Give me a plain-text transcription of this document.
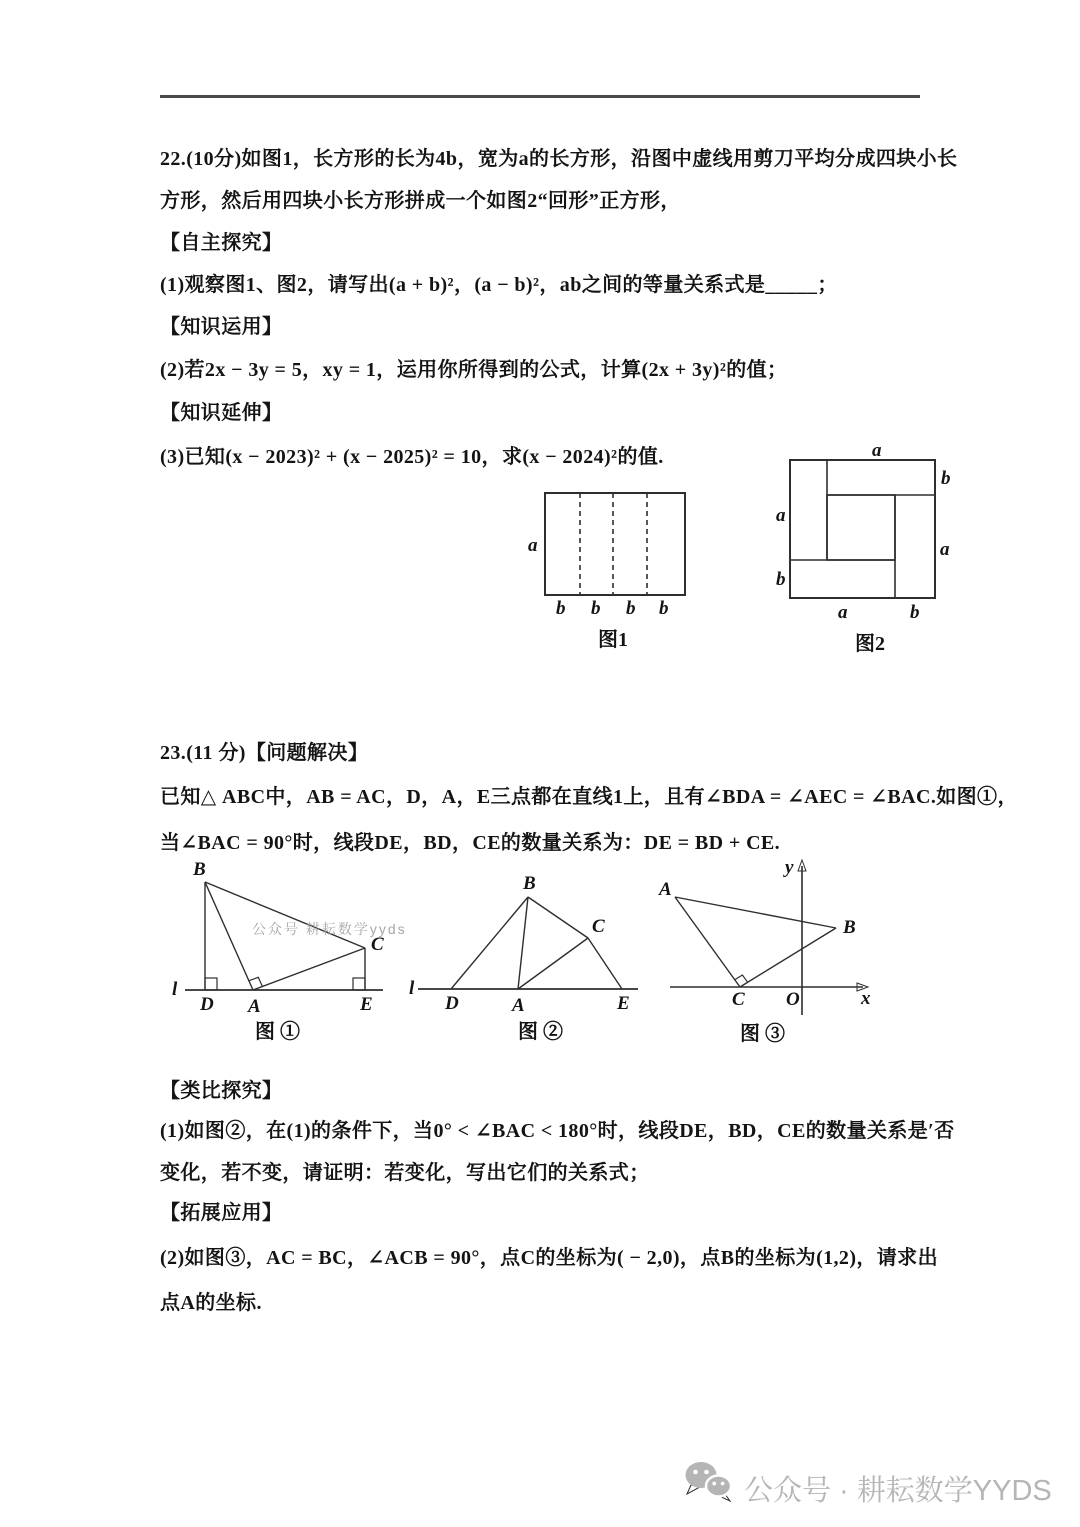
22.(10分)如图1，长方形的长为4b，宽为a的长方形，沿图中虚线用剪刀平均分成四块小长
方形，然后用四块小长方形拼成一个如图2“回形”正方形，
【自主探究】
(1)观察图1、图2，请写出(a + b)²，(a − b)²，ab之间的等量关系式是_____；
【知识运用】
(2)若2x − 3y = 5，xy = 1，运用你所得到的公式，计算(2x + 3y)²的值；
【知识延伸】
(3)已知(x − 2023)² + (x − 2025)² = 10，求(x − 2024)²的值.
a
b b b b
图1
a
b
a
a
b
a	b
图2
23.(11 分)【问题解决】
已知△ ABC中，AB = AC，D，A，E三点都在直线1上，且有∠BDA = ∠AEC = ∠BAC.如图①，
当∠BAC = 90°时，线段DE，BD，CE的数量关系为：DE = BD + CE.
B
l
D A	E
C
公众号 耕耘数学yyds
图 ①
l
D	A	E
B
C
图 ②
y
x
O
A
B
C
图 ③
【类比探究】
(1)如图②，在(1)的条件下，当0° < ∠BAC < 180°时，线段DE，BD，CE的数量关系是′否
变化，若不变，请证明：若变化，写出它们的关系式；
【拓展应用】
(2)如图③，AC = BC，∠ACB = 90°，点C的坐标为( − 2,0)，点B的坐标为(1,2)，请求出
点A的坐标.
公众号 · 耕耘数学YYDS
